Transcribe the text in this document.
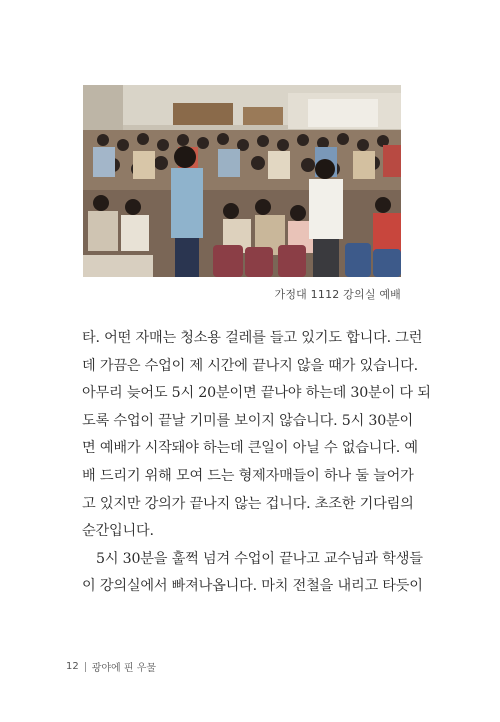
가정대 1112 강의실 예배

타. 어떤 자매는 청소용 걸레를 들고 있기도 합니다. 그런
데 가끔은 수업이 제 시간에 끝나지 않을 때가 있습니다.
아무리 늦어도 5시 20분이면 끝나야 하는데 30분이 다 되
도록 수업이 끝날 기미를 보이지 않습니다. 5시 30분이
면 예배가 시작돼야 하는데 큰일이 아닐 수 없습니다. 예
배 드리기 위해 모여 드는 형제자매들이 하나 둘 늘어가
고 있지만 강의가 끝나지 않는 겁니다. 초조한 기다림의
순간입니다.

5시 30분을 훌쩍 넘겨 수업이 끝나고 교수님과 학생들
이 강의실에서 빠져나옵니다. 마치 전철을 내리고 타듯이

12 광야에 핀 우물
